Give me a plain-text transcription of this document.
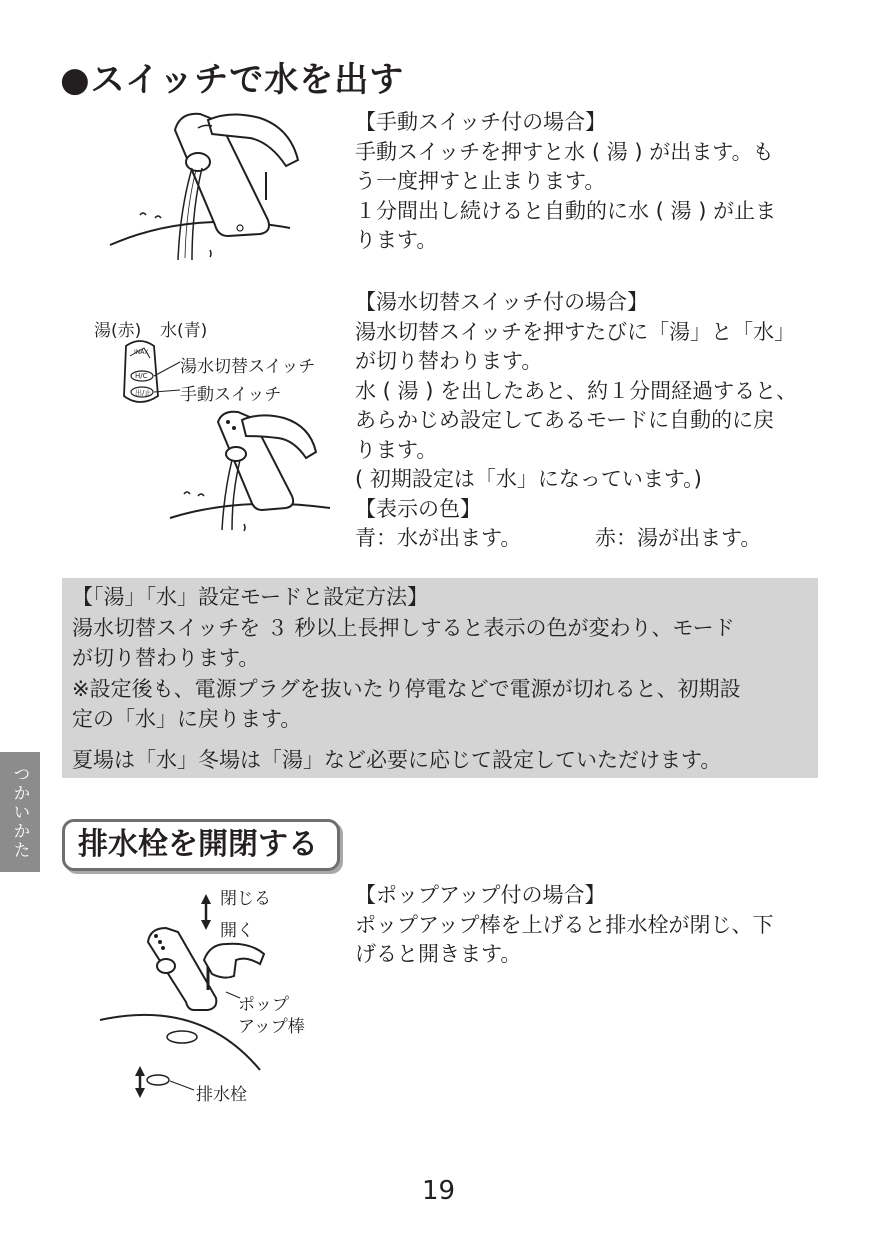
●スイッチで水を出す
【手動スイッチ付の場合】
手動スイッチを押すと水 ( 湯 ) が出ます。も
う一度押すと止まります。
１分間出し続けると自動的に水 ( 湯 ) が止ま
ります。
湯(赤) 水(青)
湯水切替スイッチ
手動スイッチ
INAX
H/C
出/止
【湯水切替スイッチ付の場合】
湯水切替スイッチを押すたびに「湯」と「水」
が切り替わります。
水 ( 湯 ) を出したあと、約１分間経過すると、
あらかじめ設定してあるモードに自動的に戻
ります。
( 初期設定は「水」になっています。)
【表示の色】
青：水が出ます。	赤：湯が出ます。
【「湯」「水」設定モードと設定方法】
湯水切替スイッチを ３ 秒以上長押しすると表示の色が変わり、モード
が切り替わります。
※設定後も、電源プラグを抜いたり停電などで電源が切れると、初期設
定の「水」に戻ります。
夏場は「水」冬場は「湯」など必要に応じて設定していただけます。
つかいかた	排水栓を開閉する
閉じる
開く
ポップ
アップ棒
排水栓
【ポップアップ付の場合】
ポップアップ棒を上げると排水栓が閉じ、下
げると開きます。
19
